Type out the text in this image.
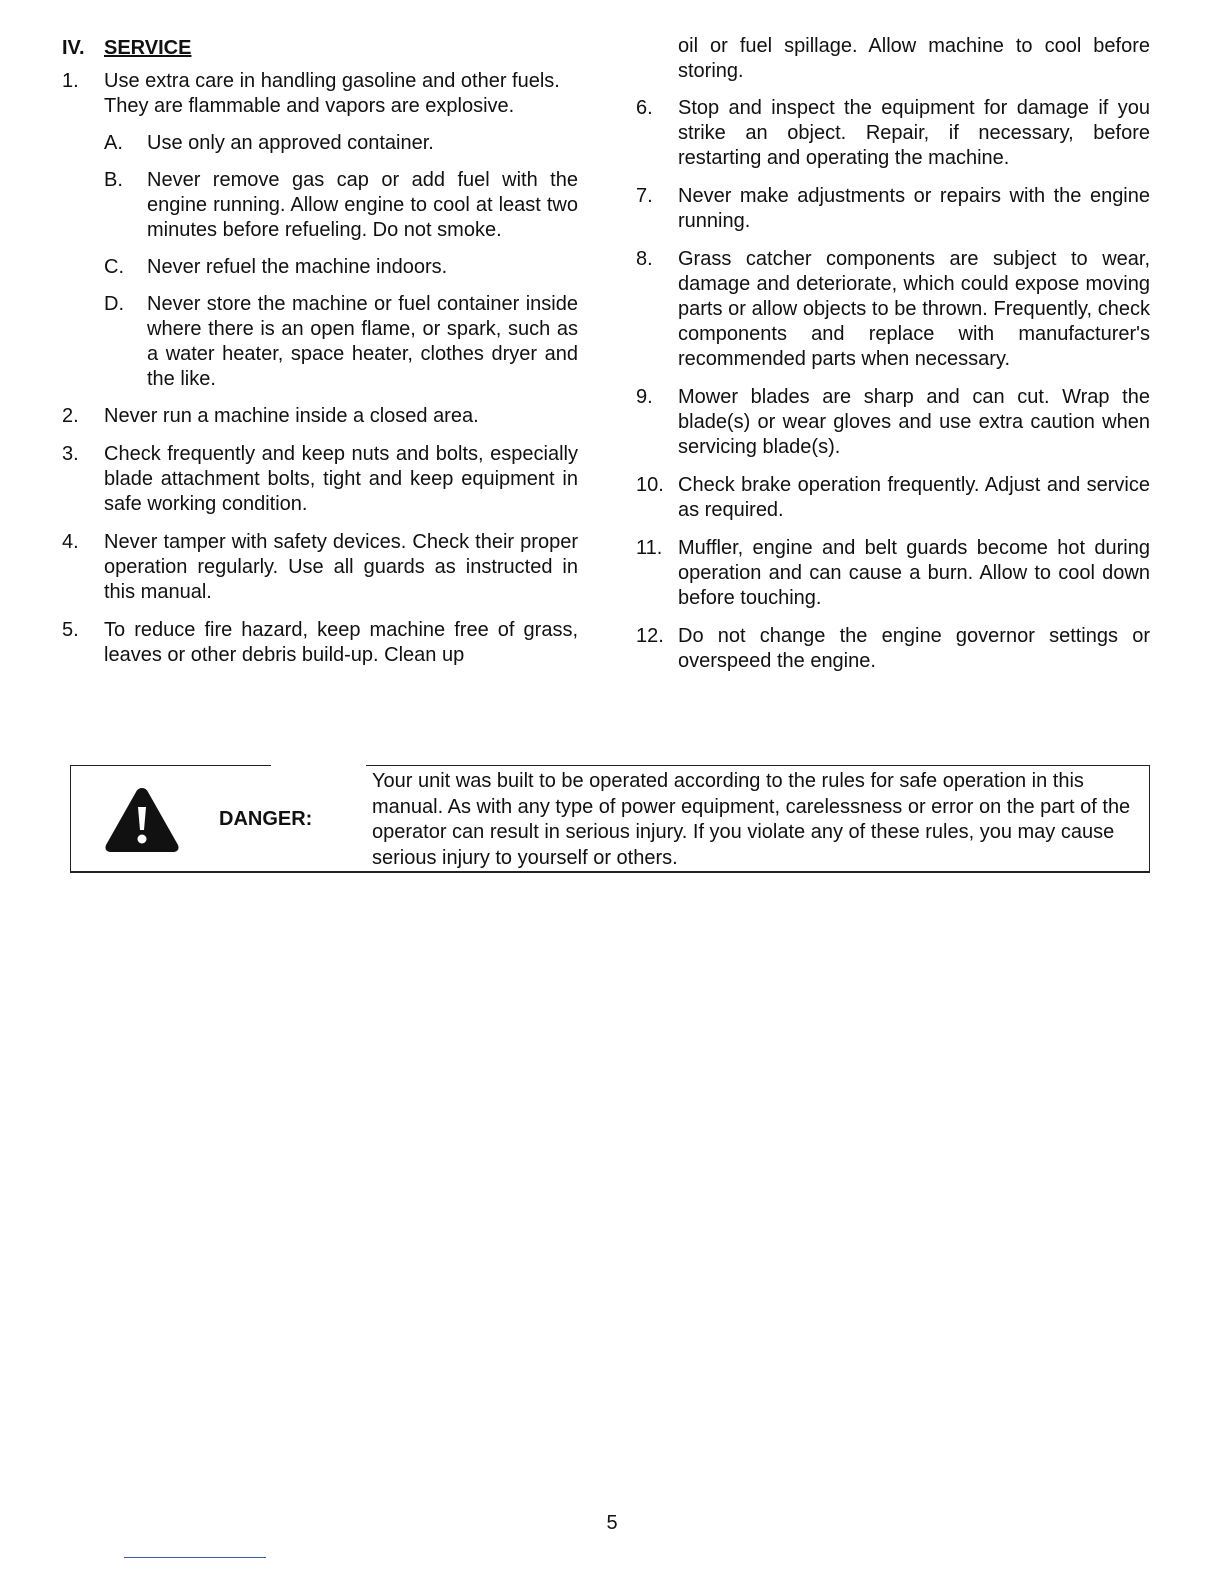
IV. SERVICE
1.	Use extra care in handling gasoline and other fuels. They are flammable and vapors are explosive.
A.	Use only an approved container.
B.	Never remove gas cap or add fuel with the engine running. Allow engine to cool at least two minutes before refueling. Do not smoke.
C.	Never refuel the machine indoors.
D.	Never store the machine or fuel container inside where there is an open flame, or spark, such as a water heater, space heater, clothes dryer and the like.
2.	Never run a machine inside a closed area.
3.	Check frequently and keep nuts and bolts, especially blade attachment bolts, tight and keep equipment in safe working condition.
4.	Never tamper with safety devices. Check their proper operation regularly. Use all guards as instructed in this manual.
5.	To reduce fire hazard, keep machine free of grass, leaves or other debris build-up. Clean up
oil or fuel spillage. Allow machine to cool before storing.
6.	Stop and inspect the equipment for damage if you strike an object. Repair, if necessary, before restarting and operating the machine.
7.	Never make adjustments or repairs with the engine running.
8.	Grass catcher components are subject to wear, damage and deteriorate, which could expose moving parts or allow objects to be thrown. Frequently, check components and replace with manufacturer's recommended parts when necessary.
9.	Mower blades are sharp and can cut. Wrap the blade(s) or wear gloves and use extra caution when servicing blade(s).
10. Check brake operation frequently. Adjust and service as required.
11. Muffler, engine and belt guards become hot during operation and can cause a burn. Allow to cool down before touching.
12. Do not change the engine governor settings or overspeed the engine.
DANGER:
Your unit was built to be operated according to the rules for safe operation in this manual. As with any type of power equipment, carelessness or error on the part of the operator can result in serious injury. If you violate any of these rules, you may cause serious injury to yourself or others.
5
